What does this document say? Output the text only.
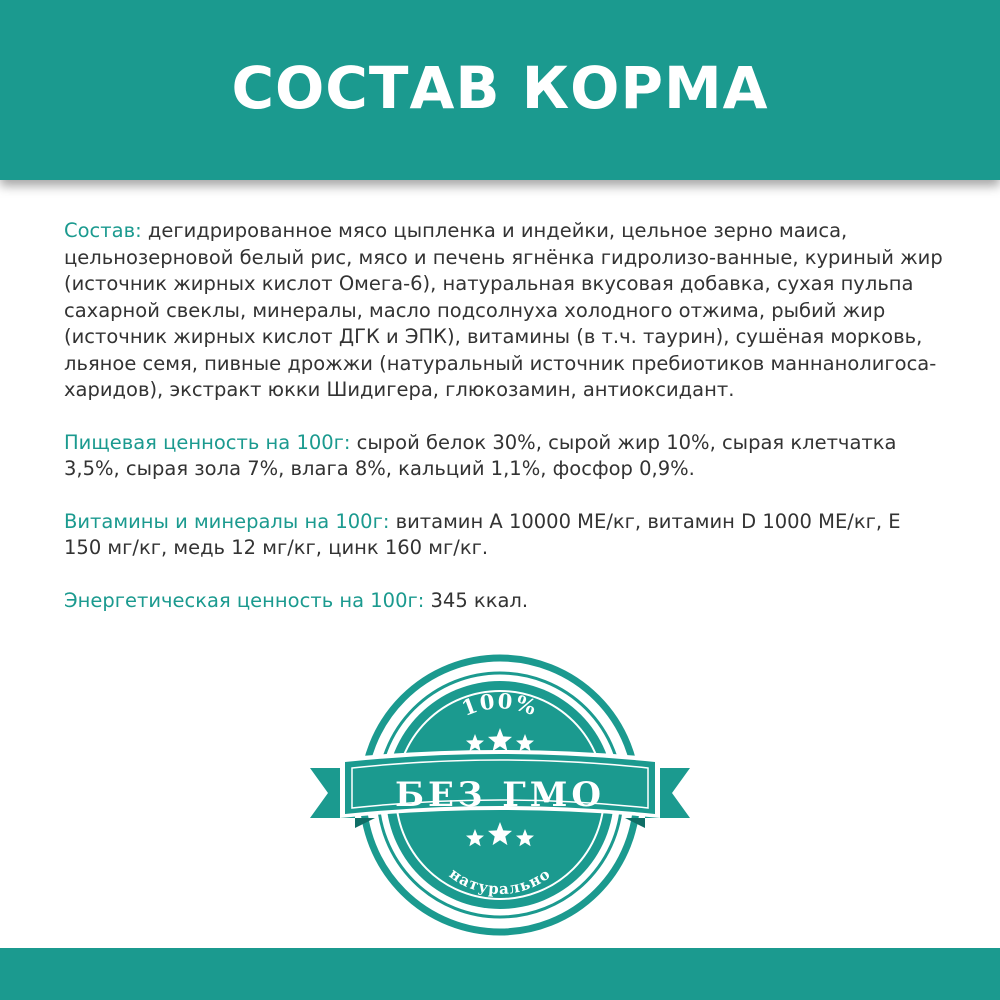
СОСТАВ КОРМА

Состав: дегидрированное мясо цыпленка и индейки, цельное зерно маиса, цельнозерновой белый рис, мясо и печень ягнёнка гидролизо-ванные, куриный жир (источник жирных кислот Омега-6), натуральная вкусовая добавка, сухая пульпа сахарной свеклы, минералы, масло подсолнуха холодного отжима, рыбий жир (источник жирных кислот ДГК и ЭПК), витамины (в т.ч. таурин), сушёная морковь, льяное семя, пивные дрожжи (натуральный источник пребиотиков маннанолигоса-харидов), экстракт юкки Шидигера, глюкозамин, антиоксидант.

Пищевая ценность на 100г: сырой белок 30%, сырой жир 10%, сырая клетчатка 3,5%, сырая зола 7%, влага 8%, кальций 1,1%, фосфор 0,9%.

Витамины и минералы на 100г: витамин А 10000 МЕ/кг, витамин D 1000 МЕ/кг, Е 150 мг/кг, медь 12 мг/кг, цинк 160 мг/кг.

Энергетическая ценность на 100г: 345 ккал.

100%
натурально
БЕЗ ГМО
